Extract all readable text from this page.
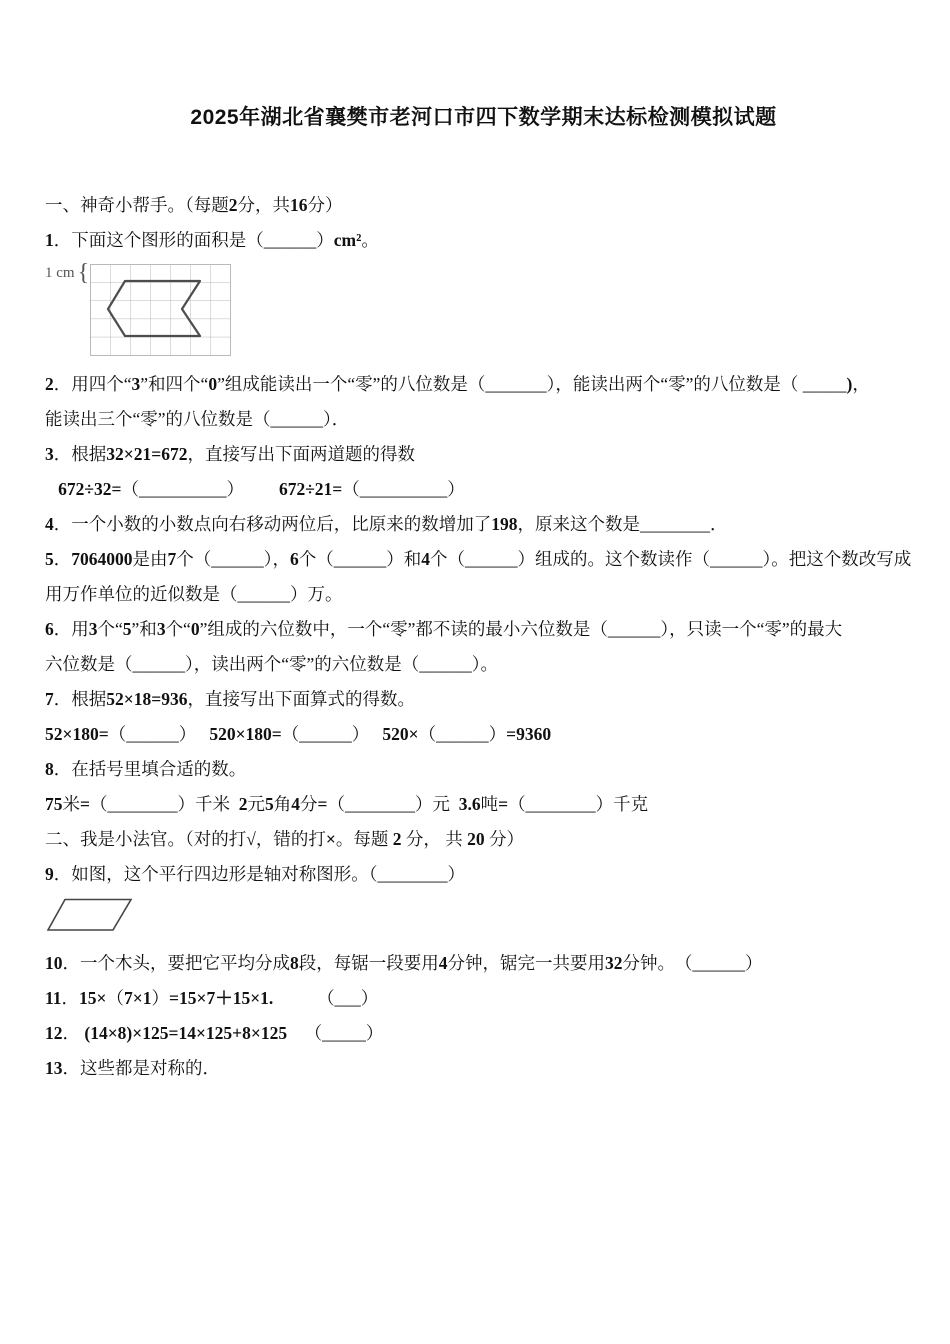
2025年湖北省襄樊市老河口市四下数学期末达标检测模拟试题
一、神奇小帮手。（每题2分，共16分）
1．下面这个图形的面积是（______）cm²。
1 cm {
2．用四个“3”和四个“0”组成能读出一个“零”的八位数是（_______），能读出两个“零”的八位数是（ _____)，
能读出三个“零”的八位数是（______）．
3．根据32×21=672，直接写出下面两道题的得数
672÷32=（__________）        672÷21=（__________）
4．一个小数的小数点向右移动两位后，比原来的数增加了198，原来这个数是________．
5．7064000是由7个（______），6个（______）和4个（______）组成的。这个数读作（______）。把这个数改写成
用万作单位的近似数是（______）万。
6．用3个“5”和3个“0”组成的六位数中，一个“零”都不读的最小六位数是（______），只读一个“零”的最大
六位数是（______），读出两个“零”的六位数是（______）。
7．根据52×18=936，直接写出下面算式的得数。
52×180=（______）   520×180=（______）   520×（______）=9360
8．在括号里填合适的数。
75米=（________）千米  2元5角4分=（________）元  3.6吨=（________）千克
二、我是小法官。（对的打√，错的打×。每题 2 分， 共 20 分）
9．如图，这个平行四边形是轴对称图形。（________）
10．一个木头，要把它平均分成8段，每锯一段要用4分钟，锯完一共要用32分钟。　（______）
11．15×（7×1）=15×7＋15×1.          （___）
12． (14×8)×125=14×125+8×125    （_____）
13．这些都是对称的．
